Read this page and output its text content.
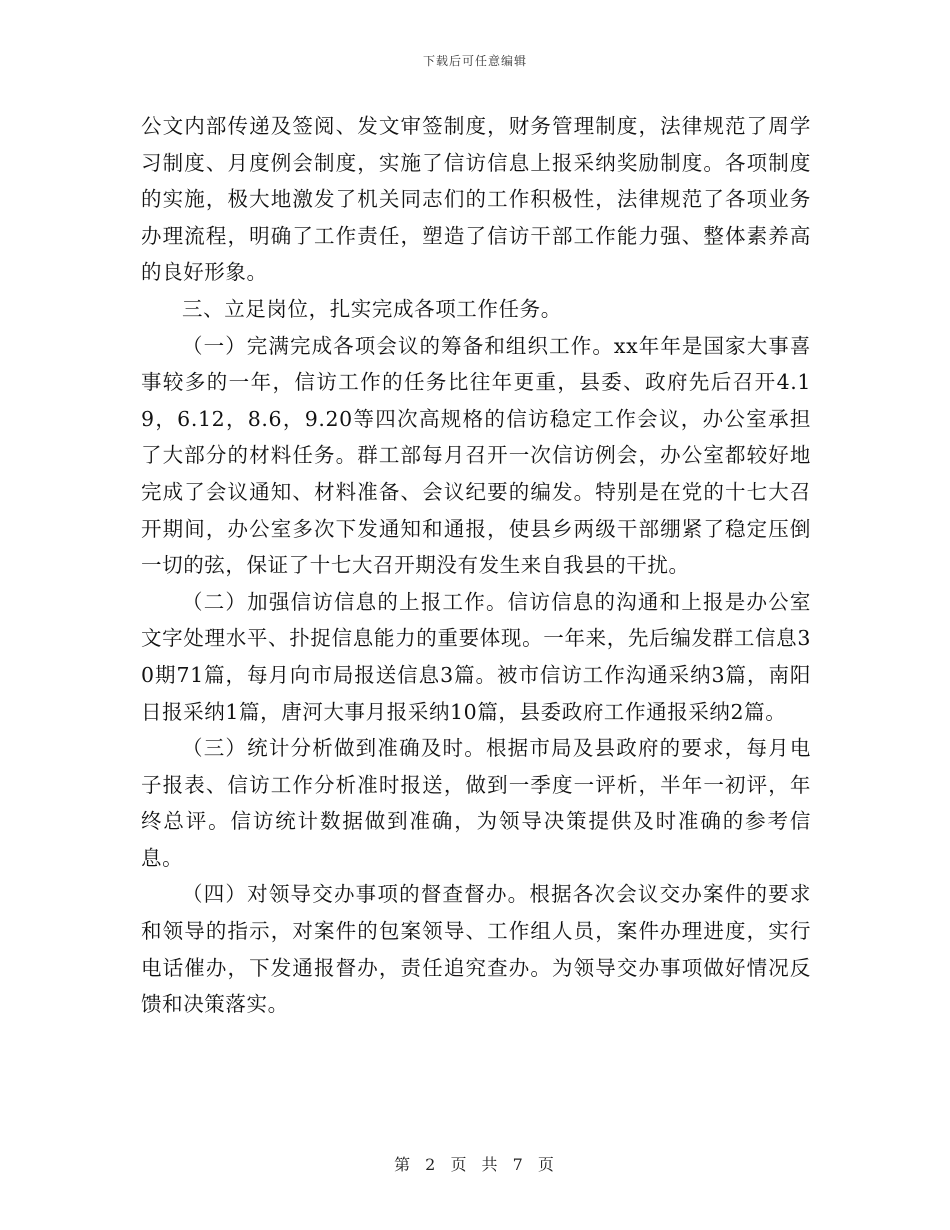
下载后可任意编辑

公文内部传递及签阅、发文审签制度，财务管理制度，法律规范了周学习制度、月度例会制度，实施了信访信息上报采纳奖励制度。各项制度的实施，极大地激发了机关同志们的工作积极性，法律规范了各项业务办理流程，明确了工作责任，塑造了信访干部工作能力强、整体素养高的良好形象。

三、立足岗位，扎实完成各项工作任务。

（一）完满完成各项会议的筹备和组织工作。xx年年是国家大事喜事较多的一年，信访工作的任务比往年更重，县委、政府先后召开4.19，6.12，8.6，9.20等四次高规格的信访稳定工作会议，办公室承担了大部分的材料任务。群工部每月召开一次信访例会，办公室都较好地完成了会议通知、材料准备、会议纪要的编发。特别是在党的十七大召开期间，办公室多次下发通知和通报，使县乡两级干部绷紧了稳定压倒一切的弦，保证了十七大召开期没有发生来自我县的干扰。

（二）加强信访信息的上报工作。信访信息的沟通和上报是办公室文字处理水平、扑捉信息能力的重要体现。一年来，先后编发群工信息30期71篇，每月向市局报送信息3篇。被市信访工作沟通采纳3篇，南阳日报采纳1篇，唐河大事月报采纳10篇，县委政府工作通报采纳2篇。

（三）统计分析做到准确及时。根据市局及县政府的要求，每月电子报表、信访工作分析准时报送，做到一季度一评析，半年一初评，年终总评。信访统计数据做到准确，为领导决策提供及时准确的参考信息。

（四）对领导交办事项的督查督办。根据各次会议交办案件的要求和领导的指示，对案件的包案领导、工作组人员，案件办理进度，实行电话催办，下发通报督办，责任追究查办。为领导交办事项做好情况反馈和决策落实。

第 2 页 共 7 页
